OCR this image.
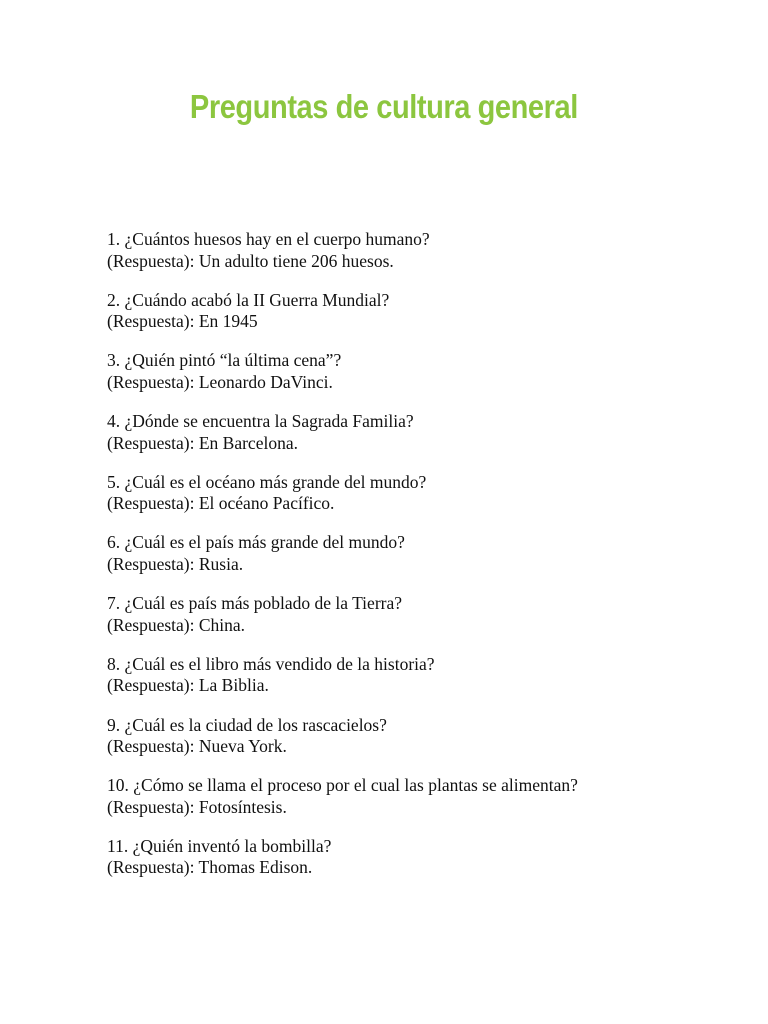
Preguntas de cultura general
1. ¿Cuántos huesos hay en el cuerpo humano?
(Respuesta): Un adulto tiene 206 huesos.
2. ¿Cuándo acabó la II Guerra Mundial?
(Respuesta): En 1945
3. ¿Quién pintó “la última cena”?
(Respuesta): Leonardo DaVinci.
4. ¿Dónde se encuentra la Sagrada Familia?
(Respuesta): En Barcelona.
5. ¿Cuál es el océano más grande del mundo?
(Respuesta): El océano Pacífico.
6. ¿Cuál es el país más grande del mundo?
(Respuesta): Rusia.
7. ¿Cuál es país más poblado de la Tierra?
(Respuesta): China.
8. ¿Cuál es el libro más vendido de la historia?
(Respuesta): La Biblia.
9. ¿Cuál es la ciudad de los rascacielos?
(Respuesta): Nueva York.
10. ¿Cómo se llama el proceso por el cual las plantas se alimentan?
(Respuesta): Fotosíntesis.
11. ¿Quién inventó la bombilla?
(Respuesta): Thomas Edison.
